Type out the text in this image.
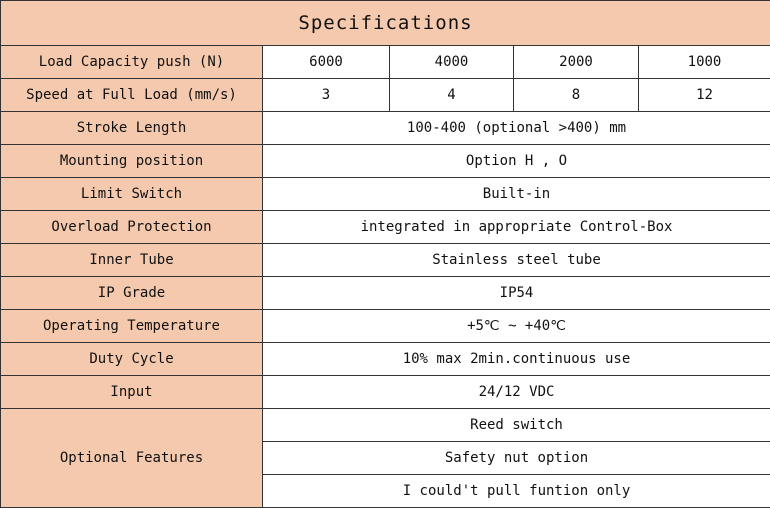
Specifications				
Load Capacity push (N)	6000	4000	2000	1000
Speed at Full Load (mm/s)	3	4	8	12
Stroke Length	100-400 (optional >400) mm			
Mounting position	Option H , O			
Limit Switch	Built-in			
Overload Protection	integrated in appropriate Control-Box			
Inner Tube	Stainless steel tube			
IP Grade	IP54			
Operating Temperature	+5℃ ~ +40℃			
Duty Cycle	10% max 2min.continuous use			
Input	24/12 VDC			
Optional Features	Reed switch			
	Safety nut option			
	I could't pull funtion only			
